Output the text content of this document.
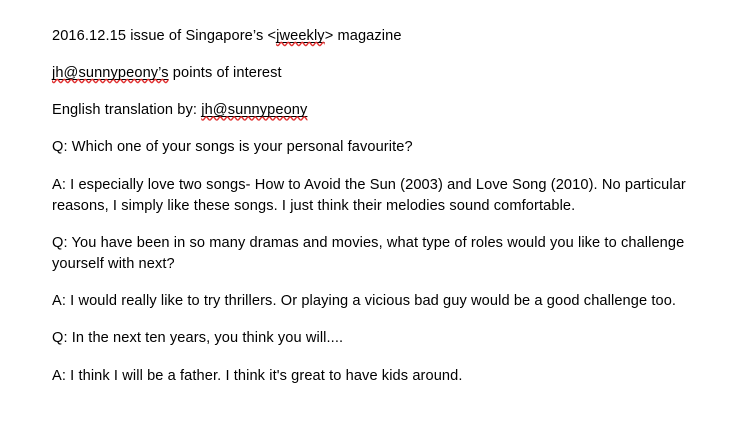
2016.12.15 issue of Singapore’s <jweekly> magazine
jh@sunnypeony’s points of interest
English translation by: jh@sunnypeony
Q: Which one of your songs is your personal favourite?
A: I especially love two songs- How to Avoid the Sun (2003) and Love Song (2010). No particular reasons, I simply like these songs. I just think their melodies sound comfortable.
Q: You have been in so many dramas and movies, what type of roles would you like to challenge yourself with next?
A: I would really like to try thrillers. Or playing a vicious bad guy would be a good challenge too.
Q: In the next ten years, you think you will....
A: I think I will be a father. I think it's great to have kids around.
